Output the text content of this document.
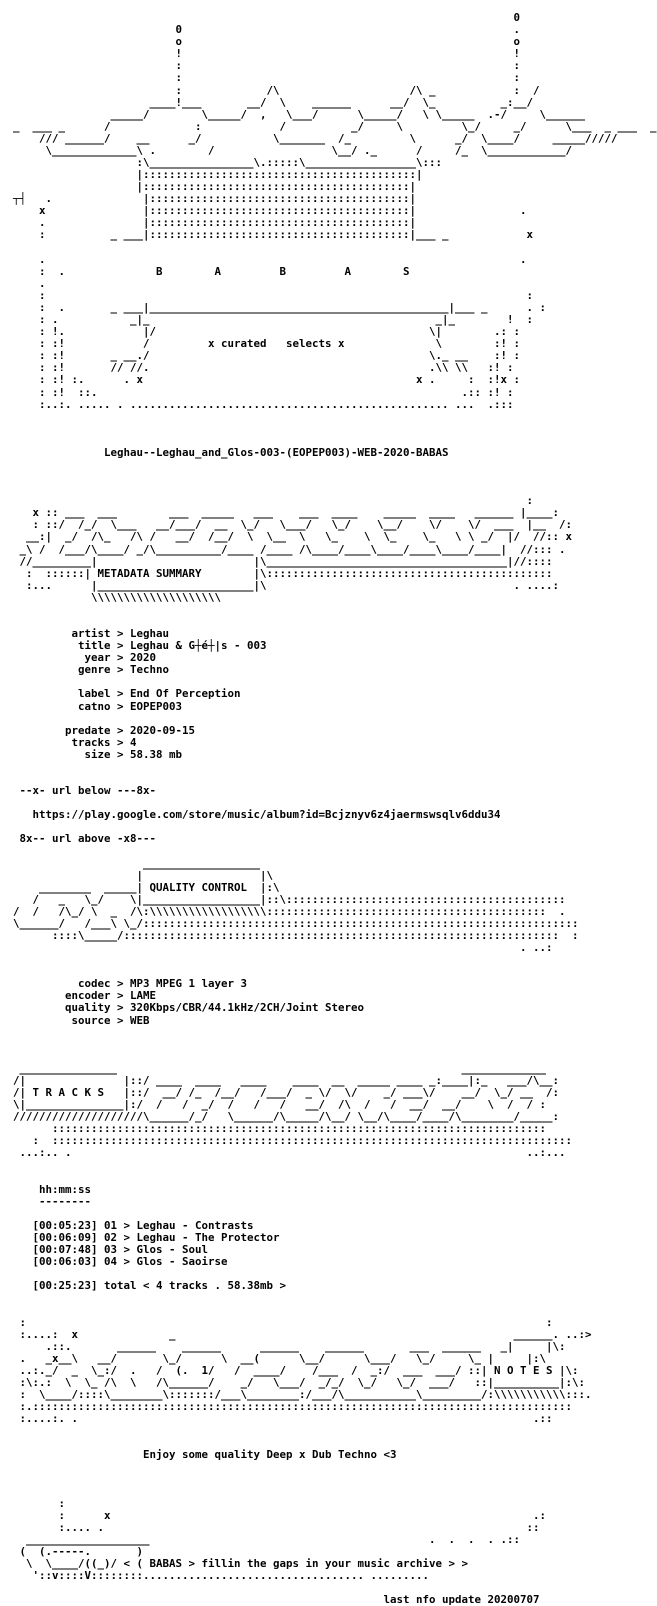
0
0                                                   .
o                                                   o
!                                                   !
:                                                   :
:                                                   :
:             /\                    /\ _            :  /
____!___       __/  \    ______      __/  \_          _:__/
_____/        \_____/  ,   \___/      \_____/   \ \_____  .-/     \______
_  ___ _      /             :            /          _/     \         \_/     _/      \___  _ ___  _
/// ______/    __      _/           \_______  /_         \      _/  \____/     _____/////
\_____________\ .        /                  \__/ ._      /     /_  \____________/
:\________________\.:::::\_________________\:::
|::::::::::::::::::::::::::::::::::::::::::|
|:::::::::::::::::::::::::::::::::::::::::|
┬┤   .              |::::::::::::::::::::::::::::::::::::::::|
x               |::::::::::::::::::::::::::::::::::::::::|                .
.               |::::::::::::::::::::::::::::::::::::::::|
:          _ ___|::::::::::::::::::::::::::::::::::::::::|___ _            x

.                                                                         .
:  .              B        A         B         A        S
.
:                                                                          :
:  .       _ ___|______________________________________________|___ _      . :
: .           _|_                                            _|_        !  :
: !.            |/                                          \|        .: :
: :!            /         x curated   selects x              \        :! :
: :!       _ __./                                           \._ __    :! :
: :!       // //.                                           .\\ \\   :! :
: :! :.      . x                                          x .     :  :!x :
: :!  ::.                                                        .:: :! :
:..:. ..... . ................................................. ...  .:::

Leghau--Leghau_and_Glos-003-(EOPEP003)-WEB-2020-BABAS

:
x :: ___  ___        ___  _____   ___    ___  ____    _____  ____   ______ |____:
: ::/  /_/  \___   __/___/  __  \_/   \___/   \_/    \__/    \/    \/  ___  |__  /:
__:|  _/  /\_   /\ /   __/  /__/  \  \__  \   \_    \  \_    \_   \ \ _/  |/  //:: x
_\ /  /___/\____/ _/\__________/____ /____ /\____/____\____/____\____/____|  //::: .
//_________|                        |\_____________________________________|//::::
:  ::::::| METADATA SUMMARY        |\::::::::::::::::::::::::::::::::::::::::::::
:...      |________________________|\                                      . ....:
\\\\\\\\\\\\\\\\\\\\

artist > Leghau
title > Leghau & G┼é┼|s - 003
year > 2020
genre > Techno

label > End Of Perception
catno > EOPEP003

predate > 2020-09-15
tracks > 4
size > 58.38 mb

--x- url below ---8x-

https://play.google.com/store/music/album?id=Bcjznyv6z4jaermswsqlv6ddu34

8x-- url above -x8---

__________________
|                  |\
________  _____| QUALITY CONTROL  |:\
/   _   \_/    \|__________________|::\:::::::::::::::::::::::::::::::::::::::::::
/  /   /\_/ \  _  /\:\\\\\\\\\\\\\\\\\\:::::::::::::::::::::::::::::::::::::::::::  .
\______/   /___\ \_/:::::::::::::::::::::::::::::::::::::::::::::::::::::::::::::::::::
::::\_____/:::::::::::::::::::::::::::::::::::::::::::::::::::::::::::::::::::  :
. ..:

codec > MP3 MPEG 1 layer 3
encoder > LAME
quality > 320Kbps/CBR/44.1kHz/2CH/Joint Stereo
source > WEB

_______________                                                     _____________
/|               |::/ ____  ____   ____    ____  __  _____ ____ _:____|:_   ___/\__:
/| T R A C K S   |::/  __/ /_  /__/   /___/  _ \/  \/    _/ ___\/    __/  \_/ __  /:
\|_______________|:/  /   /  _/  /   /   /   __/  /\  /   /  __/  __/    \  /  / :
////////////////////\______/_/   \______/\_____/\__/ \__/\____/____/\________/_____:
::::::::::::::::::::::::::::::::::::::::::::::::::::::::::::::::::::::::::::
:  ::::::::::::::::::::::::::::::::::::::::::::::::::::::::::::::::::::::::::::::::
...:.. .                                                                      ..:...

hh:mm:ss
--------

[00:05:23] 01 > Leghau - Contrasts
[00:06:09] 02 > Leghau - The Protector
[00:07:48] 03 > Glos - Soul
[00:06:03] 04 > Glos - Saoirse

[00:25:23] total < 4 tracks . 58.38mb >

:                                                                                :
:....:  x              _                                                    ______. ..:>
.::.       ______    ______      ______    ______       ___  ______   _|     |\:
.   _x__\   __/       \_/      \  __(      \__/      \___/   \_/     \_ |     |:\
..:._/  _  \_:/  .   /  (.  1/   /  ____/    /___  /  _:/  ___  ___/ ::| N O T E S |\:
:\:.:  \  \_ /\  \   /\______/    _/   \___/  _/_/  \_/   \_/  ___/   ::|__________|:\:
:  \____/::::\________\:::::::/___\________:/___/\___________\_________/:\\\\\\\\\\\:::.
:.:::::::::::::::::::::::::::::::::::::::::::::::::::::::::::::::::::::::::::::::::::
:....:. .                                                                      .::

Enjoy some quality Deep x Dub Techno <3

:
:      x                                                                 .:
:.... .                                                                 ::
___________________                                           .  .  .  . .::
(  (.-----.       )
\  \____/((_)/ < ( BABAS > fillin the gaps in your music archive > >
'::v::::V::::::::.................................. .........

last nfo update 20200707
